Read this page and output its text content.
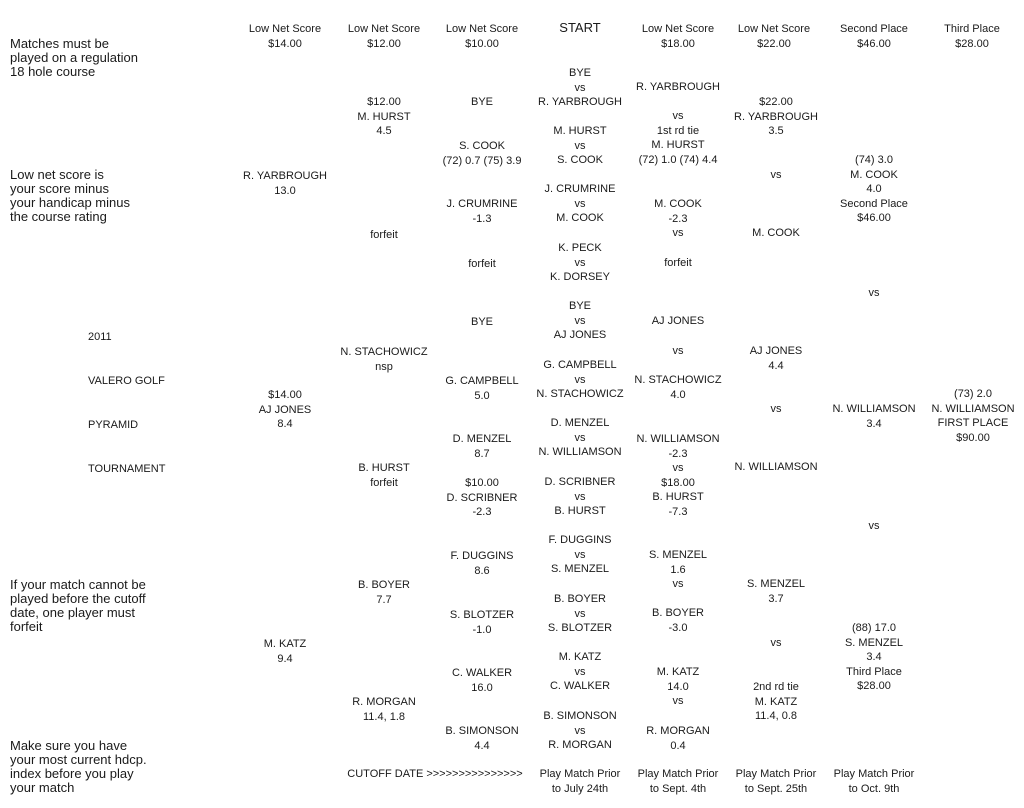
Low Net Score
$14.00
Low Net Score
$12.00
Low Net Score
$10.00
START	Low Net Score
$18.00
Low Net Score
$22.00
Second Place
$46.00
Third Place
$28.00
Matches must be
played on a regulation
18 hole course
Low net score is
your score minus
your handicap minus
the course rating
If your match cannot be
played before the cutoff
date, one player must
forfeit
Make sure you have
your most current hdcp.
index before you play
your match
2011
VALERO GOLF
PYRAMID
TOURNAMENT
R. YARBROUGH
13.0
$14.00
AJ JONES
8.4
M. KATZ
9.4
$12.00
M. HURST
4.5
forfeit
N. STACHOWICZ
nsp
B. HURST
forfeit
B. BOYER
7.7
R. MORGAN
11.4, 1.8
BYE
S. COOK
(72) 0.7 (75) 3.9
J. CRUMRINE
-1.3
forfeit
BYE
G. CAMPBELL
5.0
D. MENZEL
8.7
$10.00
D. SCRIBNER
-2.3
F. DUGGINS
8.6
S. BLOTZER
-1.0
C. WALKER
16.0
B. SIMONSON
4.4
BYE
vs
R. YARBROUGH
M. HURST
vs
S. COOK
J. CRUMRINE
vs
M. COOK
K. PECK
vs
K. DORSEY
BYE
vs
AJ JONES
G. CAMPBELL
vs
N. STACHOWICZ
D. MENZEL
vs
N. WILLIAMSON
D. SCRIBNER
vs
B. HURST
F. DUGGINS
vs
S. MENZEL
B. BOYER
vs
S. BLOTZER
M. KATZ
vs
C. WALKER
B. SIMONSON
vs
R. MORGAN
R. YARBROUGH
vs
1st rd tie
M. HURST
(72) 1.0 (74) 4.4
M. COOK
-2.3
vs
forfeit
AJ JONES
vs
N. STACHOWICZ
4.0
N. WILLIAMSON
-2.3
vs
$18.00
B. HURST
-7.3
S. MENZEL
1.6
vs

B. BOYER
-3.0
M. KATZ
14.0
vs
R. MORGAN
0.4
$22.00
R. YARBROUGH
3.5
vs
M. COOK
AJ JONES
4.4
vs
N. WILLIAMSON
S. MENZEL
3.7
vs
2nd rd tie
M. KATZ
11.4, 0.8
(74) 3.0
M. COOK
4.0
Second Place
$46.00
vs
N. WILLIAMSON
3.4
vs
(88) 17.0
S. MENZEL
3.4
Third Place
$28.00
(73) 2.0
N. WILLIAMSON
FIRST PLACE
$90.00
CUTOFF DATE >>>>>>>>>>>>>>>	Play Match Prior
to July 24th
Play Match Prior
to Sept. 4th
Play Match Prior
to Sept. 25th
Play Match Prior
to Oct. 9th
